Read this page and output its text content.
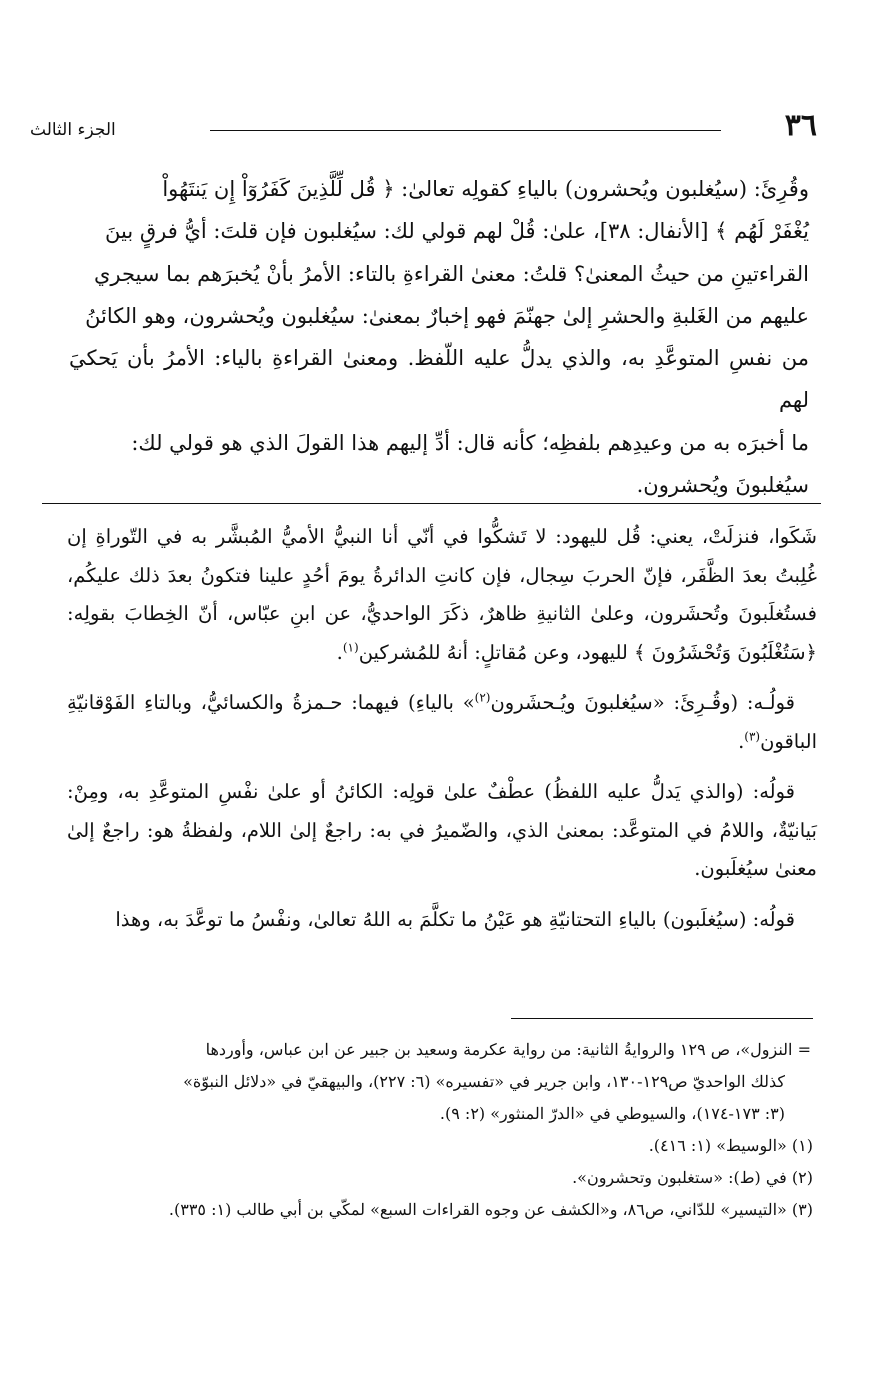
٣٦
الجزء الثالث

وقُرِئَ: (سيُغلبون ويُحشرون) بالياءِ كقولِه تعالىٰ: ﴿ قُل لِّلَّذِينَ كَفَرُوٓاْ إِن يَنتَهُواْ

يُغْفَرْ لَهُم ﴾ [الأنفال: ٣٨]، علىٰ: قُلْ لهم قولي لك: سيُغلبون فإن قلتَ: أيُّ فرقٍ بينَ

القراءتينِ من حيثُ المعنىٰ؟ قلتُ: معنىٰ القراءةِ بالتاء: الأمرُ بأنْ يُخبرَهم بما سيجري

عليهم من الغَلبةِ والحشرِ إلىٰ جهنّمَ فهو إخبارٌ بمعنىٰ: سيُغلبون ويُحشرون، وهو الكائنُ

من نفسِ المتوعَّدِ به، والذي يدلُّ عليه اللّفظ. ومعنىٰ القراءةِ بالياء: الأمرُ بأن يَحكيَ لهم

ما أخبرَه به من وعيدِهم بلفظِه؛ كأنه قال: أدِّ إليهم هذا القولَ الذي هو قولي لك:

سيُغلبونَ ويُحشرون.

شَكَوا، فنزلَتْ، يعني: قُل لليهود: لا تَشكُّوا في أنّي أنا النبيُّ الأميُّ المُبشَّر به في التّوراةِ إن غُلِبتُ بعدَ الظَّفَر، فإنّ الحربَ سِجال، فإن كانتِ الدائرةُ يومَ أحُدٍ علينا فتكونُ بعدَ ذلك عليكُم، فستُغلَبونَ وتُحشَرون، وعلىٰ الثانيةِ ظاهرٌ، ذكَرَ الواحديُّ، عن ابنِ عبّاس، أنّ الخِطابَ بقولِه: ﴿سَتُغْلَبُونَ وَتُحْشَرُونَ ﴾ لليهود، وعن مُقاتلٍ: أنهُ للمُشركين$^{(١)}$.

قولُـه: (وقُـرِئَ: «سيُغلبونَ ويُـحشَرون$^{(٢)}$» بالياءِ) فيهما: حـمزةُ والكسائيُّ، وبالتاءِ الفَوْقانيّةِ الباقون$^{(٣)}$.

قولُه: (والذي يَدلُّ عليه اللفظُ) عطْفٌ علىٰ قولِه: الكائنُ أو علىٰ نفْسِ المتوعَّدِ به، ومِنْ: بَيانيّةٌ، واللامُ في المتوعَّد: بمعنىٰ الذي، والضّميرُ في به: راجعٌ إلىٰ اللام، ولفظةُ هو: راجعٌ إلىٰ معنىٰ سيُغلَبون.

قولُه: (سيُغلَبون) بالياءِ التحتانيّةِ هو عَيْنُ ما تكلَّمَ به اللهُ تعالىٰ، ونفْسُ ما توعَّدَ به، وهذا

= النزول»، ص ١٢٩ والروايةُ الثانية: من رواية عكرمة وسعيد بن جبير عن ابن عباس، وأوردها

كذلك الواحديّ ص١٢٩-١٣٠، وابن جرير في «تفسيره» (٦: ٢٢٧)، والبيهقيّ في «دلائل النبوّة»

(٣: ١٧٣-١٧٤)، والسيوطي في «الدرّ المنثور» (٢: ٩).

(١) «الوسيط» (١: ٤١٦).

(٢) في (ط): «ستغلبون وتحشرون».

(٣) «التيسير» للدّاني، ص٨٦، و«الكشف عن وجوه القراءات السبع» لمكّي بن أبي طالب (١: ٣٣٥).
